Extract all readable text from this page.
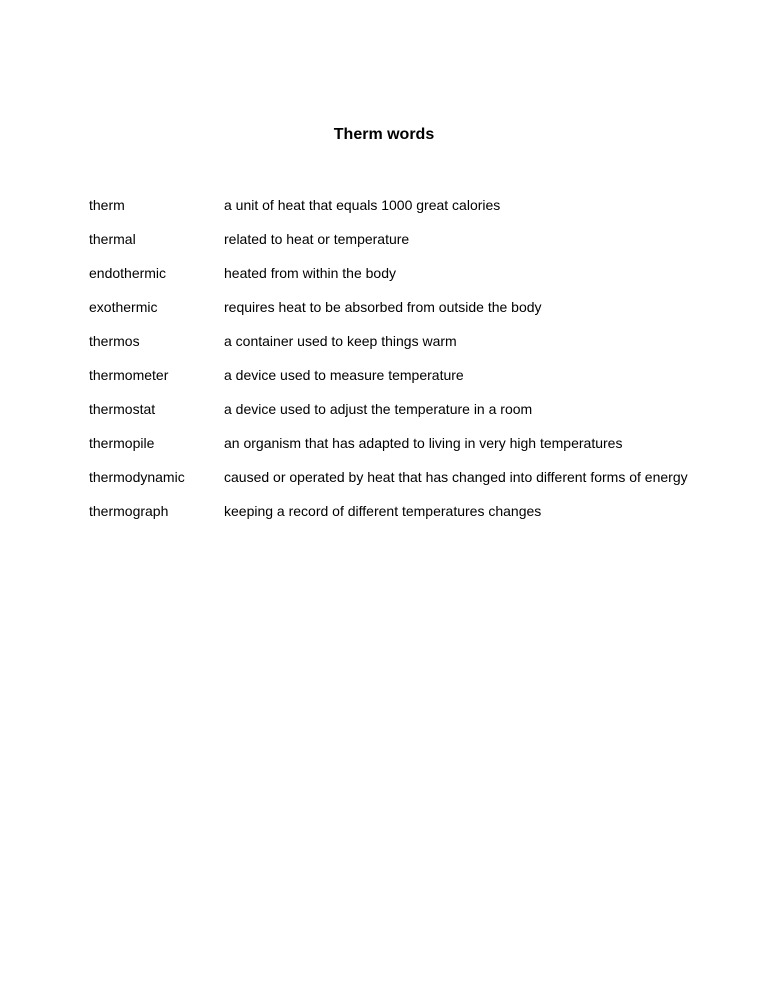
Therm words
therm	a unit of heat that equals 1000 great calories
thermal	related to heat or temperature
endothermic	heated from within the body
exothermic	requires heat to be absorbed from outside the body
thermos	a container used to keep things warm
thermometer	a device used to measure temperature
thermostat	a device used to adjust the temperature in a room
thermopile	an organism that has adapted to living in very high temperatures
thermodynamic	caused or operated by heat that has changed into different forms of energy
thermograph	keeping a record of different temperatures changes
